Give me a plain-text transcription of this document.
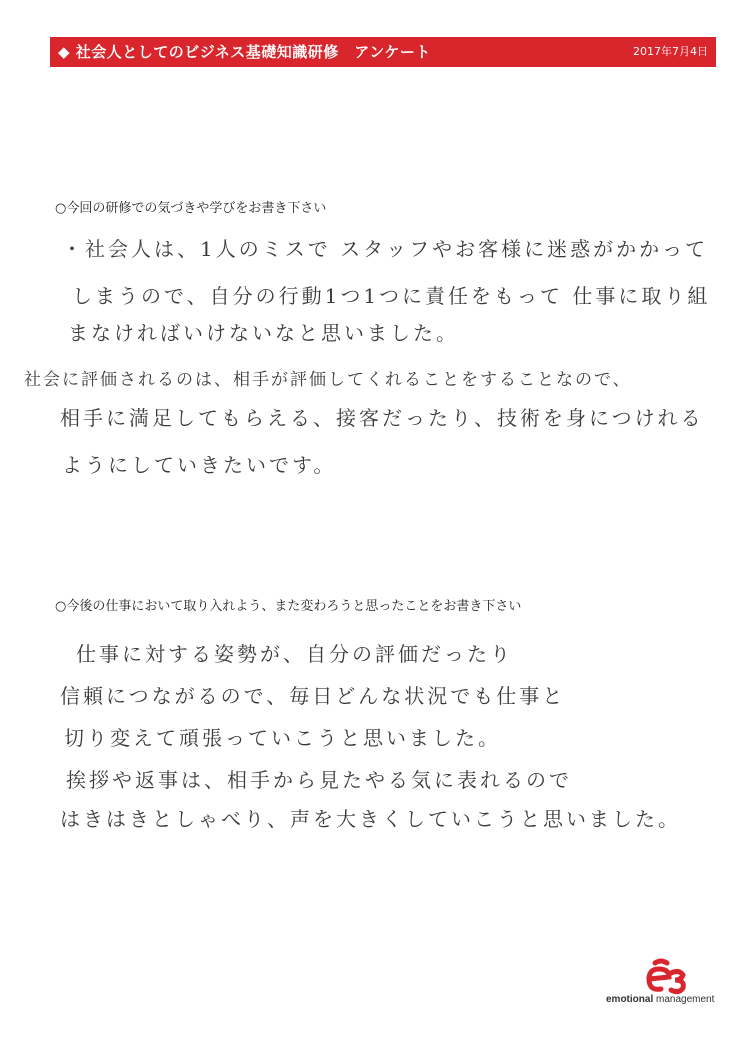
◆ 社会人としてのビジネス基礎知識研修　アンケート	2017年7月4日
○今回の研修での気づきや学びをお書き下さい
・社会人は、1人のミスで スタッフやお客様に迷惑がかかって
しまうので、自分の行動1つ1つに責任をもって 仕事に取り組
まなければいけないなと思いました。
社会に評価されるのは、相手が評価してくれることをすることなので、
相手に満足してもらえる、接客だったり、技術を身につけれる
ようにしていきたいです。
○今後の仕事において取り入れよう、また変わろうと思ったことをお書き下さい
仕事に対する姿勢が、自分の評価だったり
信頼につながるので、毎日どんな状況でも仕事と
切り変えて頑張っていこうと思いました。
挨拶や返事は、相手から見たやる気に表れるので
はきはきとしゃべり、声を大きくしていこうと思いました。
emotional management
